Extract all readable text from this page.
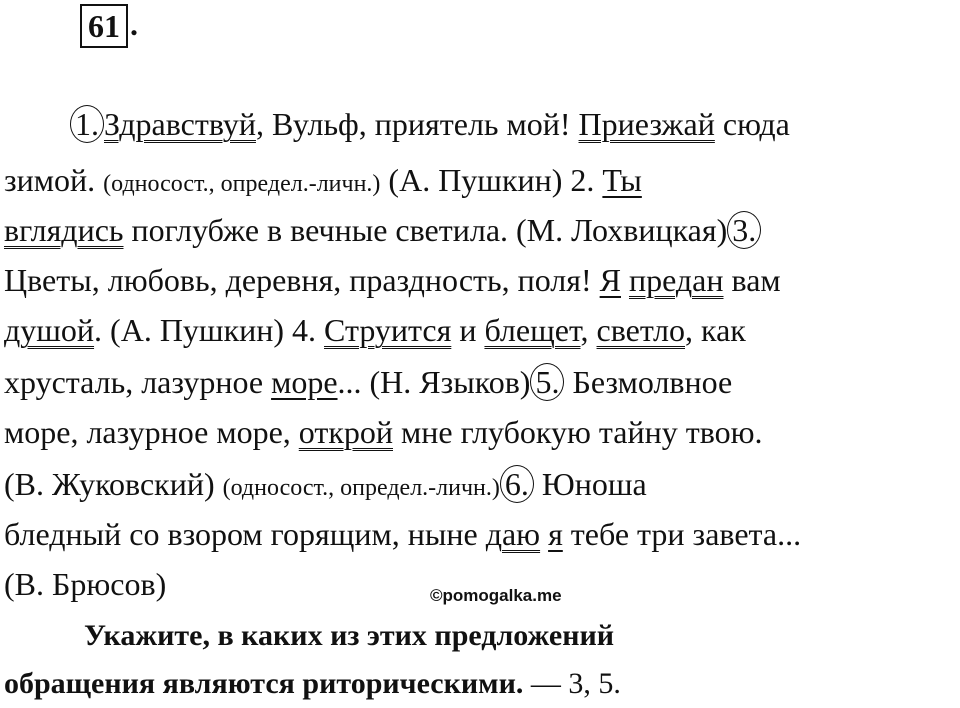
61 .
1. Здравствуй, Вульф, приятель мой! Приезжай сюда
зимой. (односост., определ.-личн.) (А. Пушкин) 2. Ты
вглядись поглубже в вечные светила. (М. Лохвицкая) 3.
Цветы, любовь, деревня, праздность, поля! Я предан вам
душой. (А. Пушкин) 4. Струится и блещет, светло, как
хрусталь, лазурное море... (Н. Языков) 5. Безмолвное
море, лазурное море, открой мне глубокую тайну твою.
(В. Жуковский) (односост., определ.-личн.) 6. Юноша
бледный со взором горящим, ныне даю я тебе три завета...
(В. Брюсов)	©pomogalka.me
Укажите, в каких из этих предложений
обращения являются риторическими. — 3, 5.
